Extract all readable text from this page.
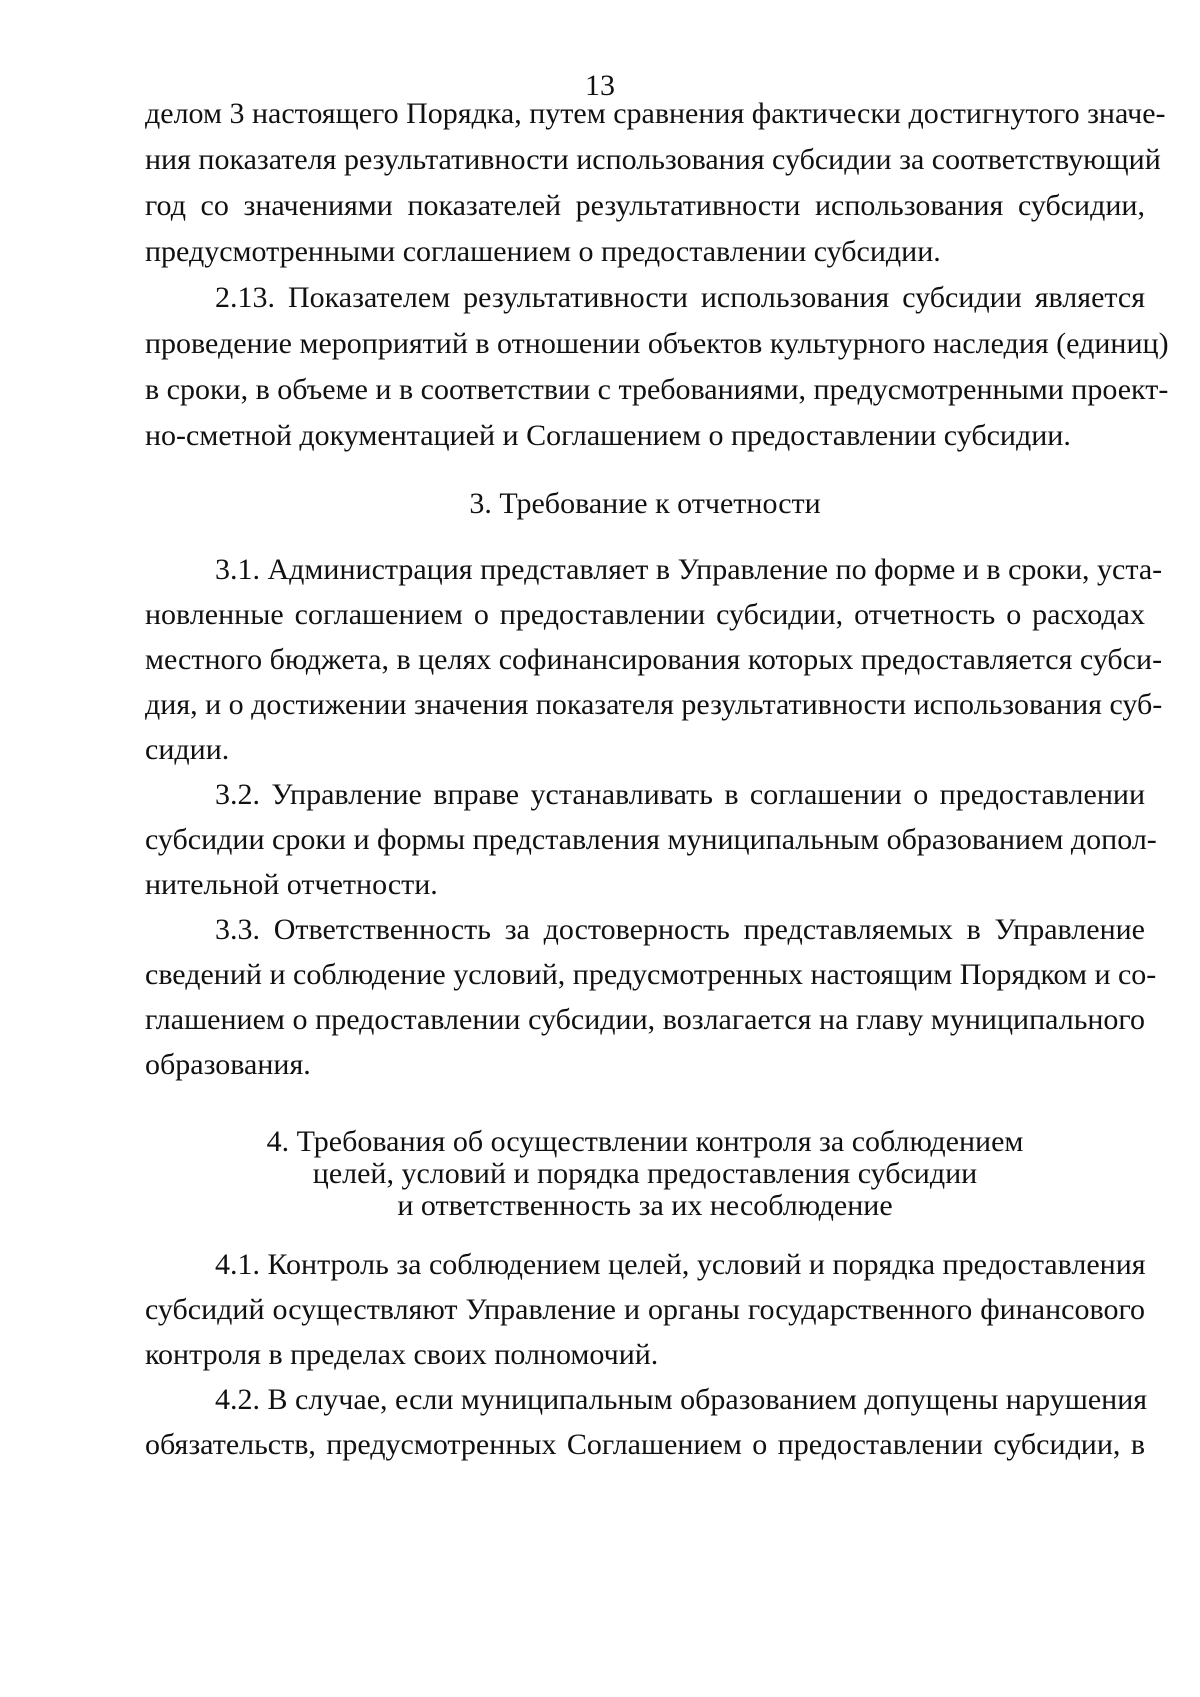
13
делом 3 настоящего Порядка, путем сравнения фактически достигнутого значе-
ния показателя результативности использования субсидии за соответствующий
год со значениями показателей результативности использования субсидии,
предусмотренными соглашением о предоставлении субсидии.
2.13. Показателем результативности использования субсидии является
проведение мероприятий в отношении объектов культурного наследия (единиц)
в сроки, в объеме и в соответствии с требованиями, предусмотренными проект-
но-сметной документацией и Соглашением о предоставлении субсидии.
3. Требование к отчетности
3.1. Администрация представляет в Управление по форме и в сроки, уста-
новленные соглашением о предоставлении субсидии, отчетность о расходах
местного бюджета, в целях софинансирования которых предоставляется субси-
дия, и о достижении значения показателя результативности использования суб-
сидии.
3.2. Управление вправе устанавливать в соглашении о предоставлении
субсидии сроки и формы представления муниципальным образованием допол-
нительной отчетности.
3.3. Ответственность за достоверность представляемых в Управление
сведений и соблюдение условий, предусмотренных настоящим Порядком и со-
глашением о предоставлении субсидии, возлагается на главу муниципального
образования.
4. Требования об осуществлении контроля за соблюдением
целей, условий и порядка предоставления субсидии
и ответственность за их несоблюдение
4.1. Контроль за соблюдением целей, условий и порядка предоставления
субсидий осуществляют Управление и органы государственного финансового
контроля в пределах своих полномочий.
4.2. В случае, если муниципальным образованием допущены нарушения
обязательств, предусмотренных Соглашением о предоставлении субсидии, в
